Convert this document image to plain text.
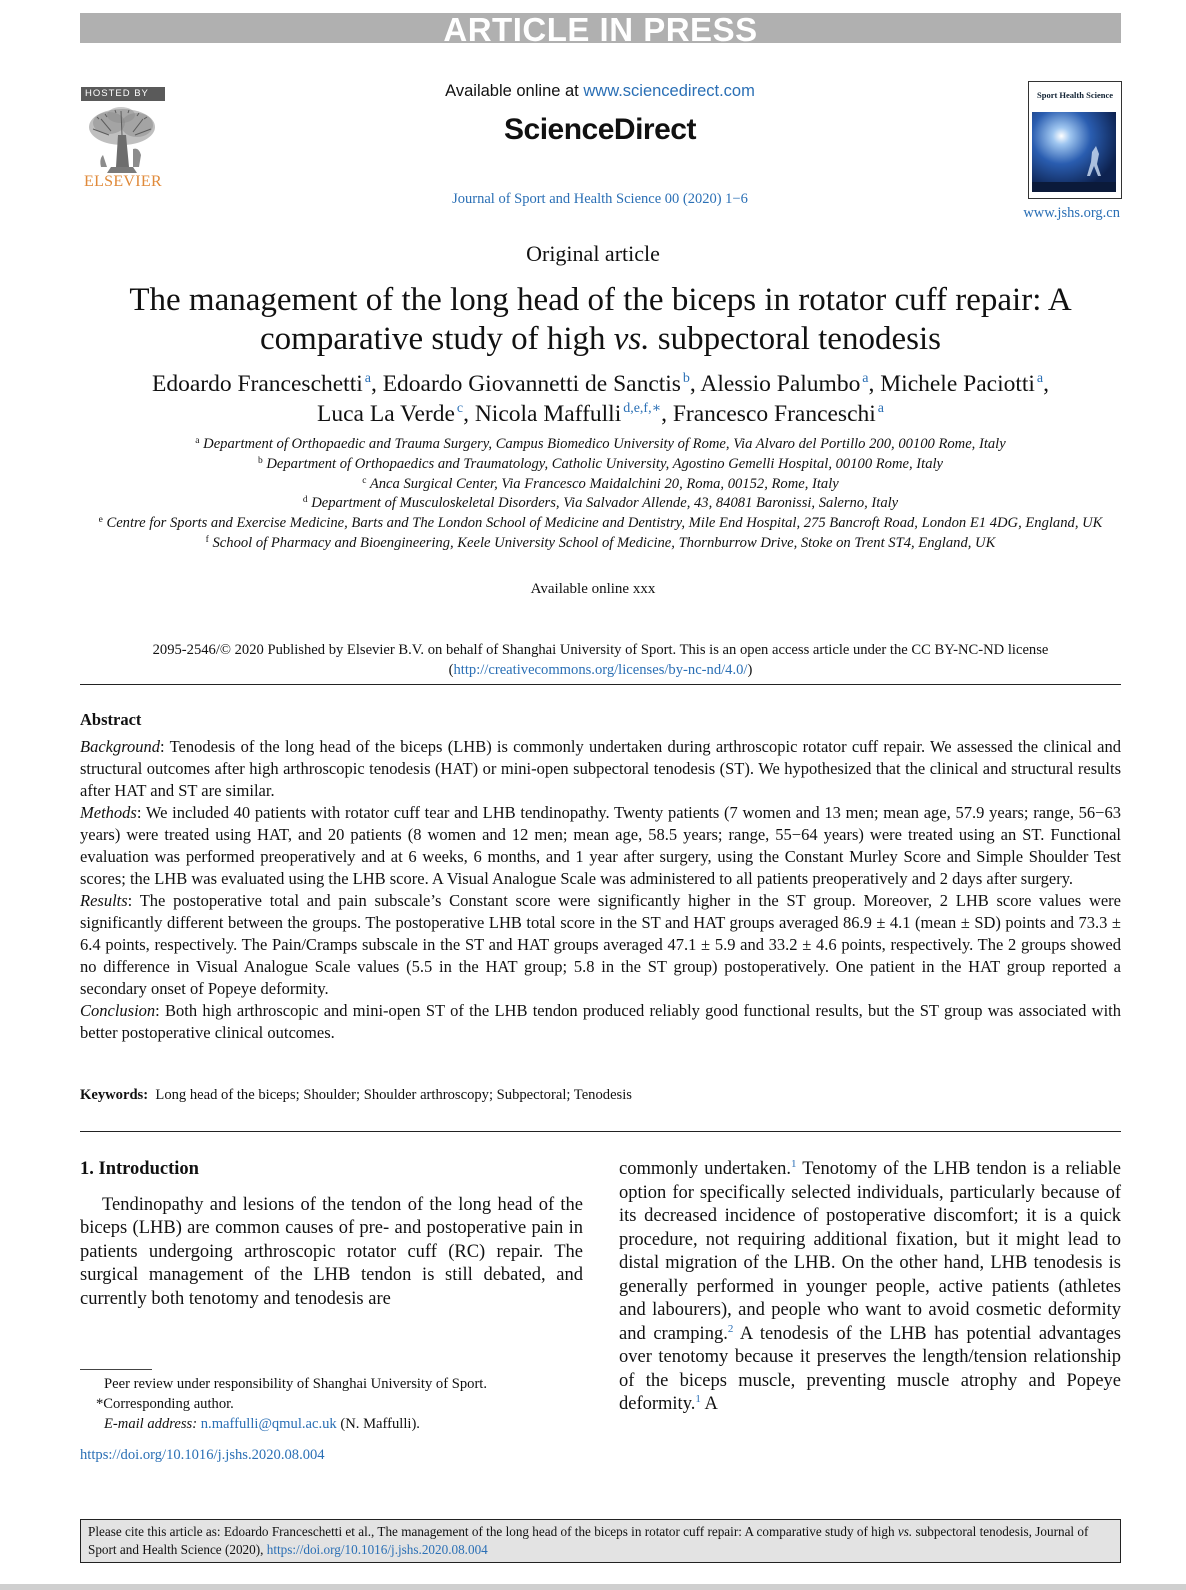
ARTICLE IN PRESS
HOSTED BY
ELSEVIER
Available online at www.sciencedirect.com
ScienceDirect
Journal of Sport and Health Science 00 (2020) 1−6
Sport Health Science
www.jshs.org.cn
Original article
The management of the long head of the biceps in rotator cuff repair: A comparative study of high vs. subpectoral tenodesis
Edoardo Franceschetti  $^a$, Edoardo Giovannetti de Sanctis  $^b$, Alessio Palumbo  $^a$, Michele Paciotti  $^a$,
Luca La Verde  $^c$, Nicola Maffulli  $^{d,e,f,∗}$, Francesco Franceschi  $^a$
$^a$ Department of Orthopaedic and Trauma Surgery, Campus Biomedico University of Rome, Via Alvaro del Portillo 200, 00100 Rome, Italy
$^b$ Department of Orthopaedics and Traumatology, Catholic University, Agostino Gemelli Hospital, 00100 Rome, Italy
$^c$ Anca Surgical Center, Via Francesco Maidalchini 20, Roma, 00152, Rome, Italy
$^d$ Department of Musculoskeletal Disorders, Via Salvador Allende, 43, 84081 Baronissi, Salerno, Italy
$^e$ Centre for Sports and Exercise Medicine, Barts and The London School of Medicine and Dentistry, Mile End Hospital, 275 Bancroft Road, London E1 4DG, England, UK
$^f$ School of Pharmacy and Bioengineering, Keele University School of Medicine, Thornburrow Drive, Stoke on Trent ST4, England, UK
Available online xxx
2095-2546/© 2020 Published by Elsevier B.V. on behalf of Shanghai University of Sport. This is an open access article under the CC BY-NC-ND license
(http://creativecommons.org/licenses/by-nc-nd/4.0/)
Abstract

Background: Tenodesis of the long head of the biceps (LHB) is commonly undertaken during arthroscopic rotator cuff repair. We assessed the clinical and structural outcomes after high arthroscopic tenodesis (HAT) or mini-open subpectoral tenodesis (ST). We hypothesized that the clinical and structural results after HAT and ST are similar.

Methods: We included 40 patients with rotator cuff tear and LHB tendinopathy. Twenty patients (7 women and 13 men; mean age, 57.9 years; range, 56−63 years) were treated using HAT, and 20 patients (8 women and 12 men; mean age, 58.5 years; range, 55−64 years) were treated using an ST. Functional evaluation was performed preoperatively and at 6 weeks, 6 months, and 1 year after surgery, using the Constant Murley Score and Simple Shoulder Test scores; the LHB was evaluated using the LHB score. A Visual Analogue Scale was administered to all patients preoperatively and 2 days after surgery.

Results: The postoperative total and pain subscale’s Constant score were significantly higher in the ST group. Moreover, 2 LHB score values were significantly different between the groups. The postoperative LHB total score in the ST and HAT groups averaged 86.9 ± 4.1 (mean ± SD) points and 73.3 ± 6.4 points, respectively. The Pain/Cramps subscale in the ST and HAT groups averaged 47.1 ± 5.9 and 33.2 ± 4.6 points, respectively. The 2 groups showed no difference in Visual Analogue Scale values (5.5 in the HAT group; 5.8 in the ST group) postoperatively. One patient in the HAT group reported a secondary onset of Popeye deformity.

Conclusion: Both high arthroscopic and mini-open ST of the LHB tendon produced reliably good functional results, but the ST group was associated with better postoperative clinical outcomes.

Keywords: Long head of the biceps; Shoulder; Shoulder arthroscopy; Subpectoral; Tenodesis
1. Introduction

Tendinopathy and lesions of the tendon of the long head of the biceps (LHB) are common causes of pre- and postoperative pain in patients undergoing arthroscopic rotator cuff (RC) repair. The surgical management of the LHB tendon is still debated, and currently both tenotomy and tenodesis are

commonly undertaken.$^1$ Tenotomy of the LHB tendon is a reliable option for specifically selected individuals, particularly because of its decreased incidence of postoperative discomfort; it is a quick procedure, not requiring additional fixation, but it might lead to distal migration of the LHB. On the other hand, LHB tenodesis is generally performed in younger people, active patients (athletes and labourers), and people who want to avoid cosmetic deformity and cramping.$^2$ A tenodesis of the LHB has potential advantages over tenotomy because it preserves the length/tension relationship of the biceps muscle, preventing muscle atrophy and Popeye deformity.$^1$ A

Peer review under responsibility of Shanghai University of Sport.
*Corresponding author.
E-mail address: n.maffulli@qmul.ac.uk (N. Maffulli).
https://doi.org/10.1016/j.jshs.2020.08.004
Please cite this article as: Edoardo Franceschetti et al., The management of the long head of the biceps in rotator cuff repair: A comparative study of high vs. subpectoral tenodesis, Journal of Sport and Health Science (2020), https://doi.org/10.1016/j.jshs.2020.08.004
